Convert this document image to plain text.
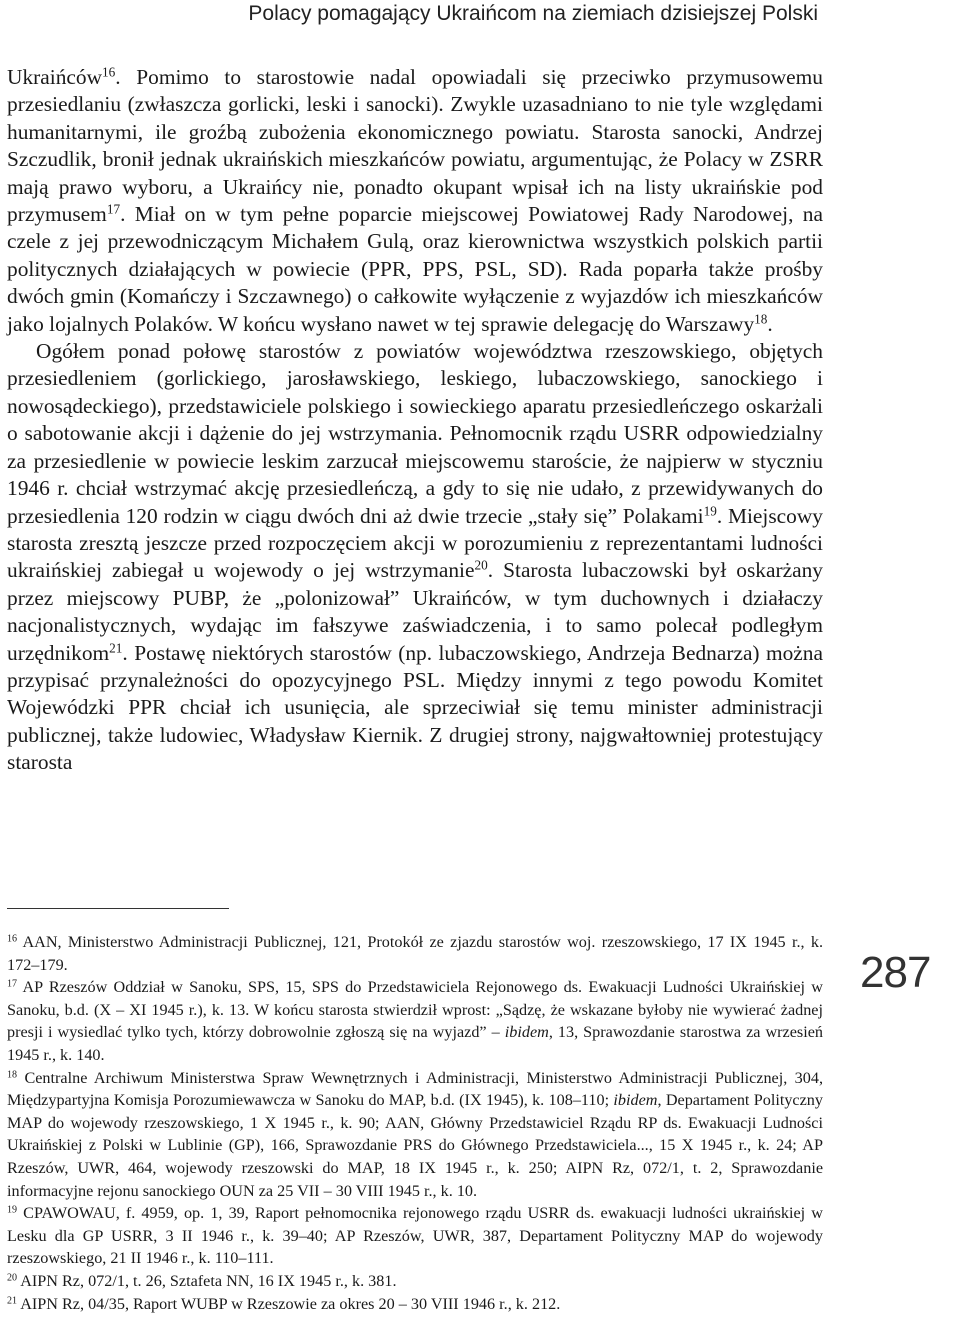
Polacy pomagający Ukraińcom na ziemiach dzisiejszej Polski

Ukraińców$^{16}$. Pomimo to starostowie nadal opowiadali się przeciwko przymusowemu przesiedlaniu (zwłaszcza gorlicki, leski i sanocki). Zwykle uzasadniano to nie tyle względami humanitarnymi, ile groźbą zubożenia ekonomicznego powiatu. Starosta sanocki, Andrzej Szczudlik, bronił jednak ukraińskich mieszkańców powiatu, argumentując, że Polacy w ZSRR mają prawo wyboru, a Ukraińcy nie, ponadto okupant wpisał ich na listy ukraińskie pod przymusem$^{17}$. Miał on w tym pełne poparcie miejscowej Powiatowej Rady Narodowej, na czele z jej przewodniczącym Michałem Gulą, oraz kierownictwa wszystkich polskich partii politycznych działających w powiecie (PPR, PPS, PSL, SD). Rada poparła także prośby dwóch gmin (Komańczy i Szczawnego) o całkowite wyłączenie z wyjazdów ich mieszkańców jako lojalnych Polaków. W końcu wysłano nawet w tej sprawie delegację do Warszawy$^{18}$.

Ogółem ponad połowę starostów z powiatów województwa rzeszowskiego, objętych przesiedleniem (gorlickiego, jarosławskiego, leskiego, lubaczowskiego, sanockiego i nowosądeckiego), przedstawiciele polskiego i sowieckiego aparatu przesiedleńczego oskarżali o sabotowanie akcji i dążenie do jej wstrzymania. Pełnomocnik rządu USRR odpowiedzialny za przesiedlenie w powiecie leskim zarzucał miejscowemu staroście, że najpierw w styczniu 1946 r. chciał wstrzymać akcję przesiedleńczą, a gdy to się nie udało, z przewidywanych do przesiedlenia 120 rodzin w ciągu dwóch dni aż dwie trzecie „stały się” Polakami$^{19}$. Miejscowy starosta zresztą jeszcze przed rozpoczęciem akcji w porozumieniu z reprezentantami ludności ukraińskiej zabiegał u wojewody o jej wstrzymanie$^{20}$. Starosta lubaczowski był oskarżany przez miejscowy PUBP, że „polonizował” Ukraińców, w tym duchownych i działaczy nacjonalistycznych, wydając im fałszywe zaświadczenia, i to samo polecał podległym urzędnikom$^{21}$. Postawę niektórych starostów (np. lubaczowskiego, Andrzeja Bednarza) można przypisać przynależności do opozycyjnego PSL. Między innymi z tego powodu Komitet Wojewódzki PPR chciał ich usunięcia, ale sprzeciwiał się temu minister administracji publicznej, także ludowiec, Władysław Kiernik. Z drugiej strony, najgwałtowniej protestujący starosta

$^{16}$ AAN, Ministerstwo Administracji Publicznej, 121, Protokół ze zjazdu starostów woj. rzeszowskiego, 17 IX 1945 r., k. 172–179.

$^{17}$ AP Rzeszów Oddział w Sanoku, SPS, 15, SPS do Przedstawiciela Rejonowego ds. Ewakuacji Ludności Ukraińskiej w Sanoku, b.d. (X – XI 1945 r.), k. 13. W końcu starosta stwierdził wprost: „Sądzę, że wskazane byłoby nie wywierać żadnej presji i wysiedlać tylko tych, którzy dobrowolnie zgłoszą się na wyjazd” – ibidem, 13, Sprawozdanie starostwa za wrzesień 1945 r., k. 140.

$^{18}$ Centralne Archiwum Ministerstwa Spraw Wewnętrznych i Administracji, Ministerstwo Administracji Publicznej, 304, Międzypartyjna Komisja Porozumiewawcza w Sanoku do MAP, b.d. (IX 1945), k. 108–110; ibidem, Departament Polityczny MAP do wojewody rzeszowskiego, 1 X 1945 r., k. 90; AAN, Główny Przedstawiciel Rządu RP ds. Ewakuacji Ludności Ukraińskiej z Polski w Lublinie (GP), 166, Sprawozdanie PRS do Głównego Przedstawiciela..., 15 X 1945 r., k. 24; AP Rzeszów, UWR, 464, wojewody rzeszowski do MAP, 18 IX 1945 r., k. 250; AIPN Rz, 072/1, t. 2, Sprawozdanie informacyjne rejonu sanockiego OUN za 25 VII – 30 VIII 1945 r., k. 10.

$^{19}$ CPAWOWAU, f. 4959, op. 1, 39, Raport pełnomocnika rejonowego rządu USRR ds. ewakuacji ludności ukraińskiej w Lesku dla GP USRR, 3 II 1946 r., k. 39–40; AP Rzeszów, UWR, 387, Departament Polityczny MAP do wojewody rzeszowskiego, 21 II 1946 r., k. 110–111.

$^{20}$ AIPN Rz, 072/1, t. 26, Sztafeta NN, 16 IX 1945 r., k. 381.

$^{21}$ AIPN Rz, 04/35, Raport WUBP w Rzeszowie za okres 20 – 30 VIII 1946 r., k. 212.

287
